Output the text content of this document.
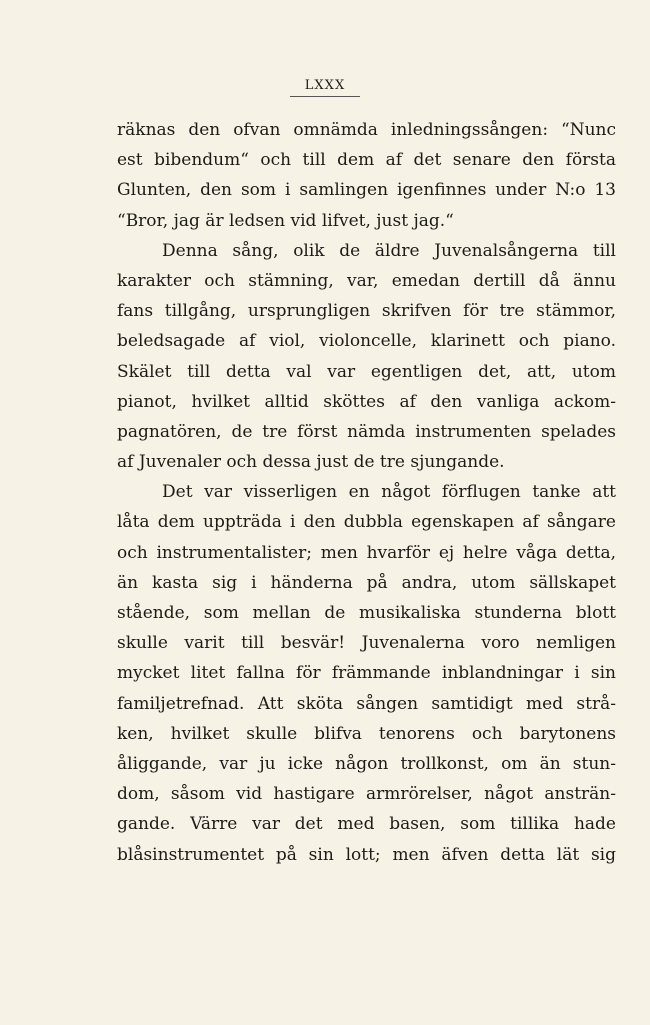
LXXX
räknas den ofvan omnämda inledningssången: “Nunc
est bibendum“ och till dem af det senare den första
Glunten, den som i samlingen igenfinnes under N:o 13
“Bror, jag är ledsen vid lifvet, just jag.“
Denna sång, olik de äldre Juvenalsångerna till
karakter och stämning, var, emedan dertill då ännu
fans tillgång, ursprungligen skrifven för tre stämmor,
beledsagade af viol, violoncelle, klarinett och piano.
Skälet till detta val var egentligen det, att, utom
pianot, hvilket alltid sköttes af den vanliga ackom-
pagnatören, de tre först nämda instrumenten spelades
af Juvenaler och dessa just de tre sjungande.
Det var visserligen en något förflugen tanke att
låta dem uppträda i den dubbla egenskapen af sångare
och instrumentalister; men hvarför ej helre våga detta,
än kasta sig i händerna på andra, utom sällskapet
stående, som mellan de musikaliska stunderna blott
skulle varit till besvär! Juvenalerna voro nemligen
mycket litet fallna för främmande inblandningar i sin
familjetrefnad. Att sköta sången samtidigt med strå-
ken, hvilket skulle blifva tenorens och barytonens
åliggande, var ju icke någon trollkonst, om än stun-
dom, såsom vid hastigare armrörelser, något ansträn-
gande. Värre var det med basen, som tillika hade
blåsinstrumentet på sin lott; men äfven detta lät sig
